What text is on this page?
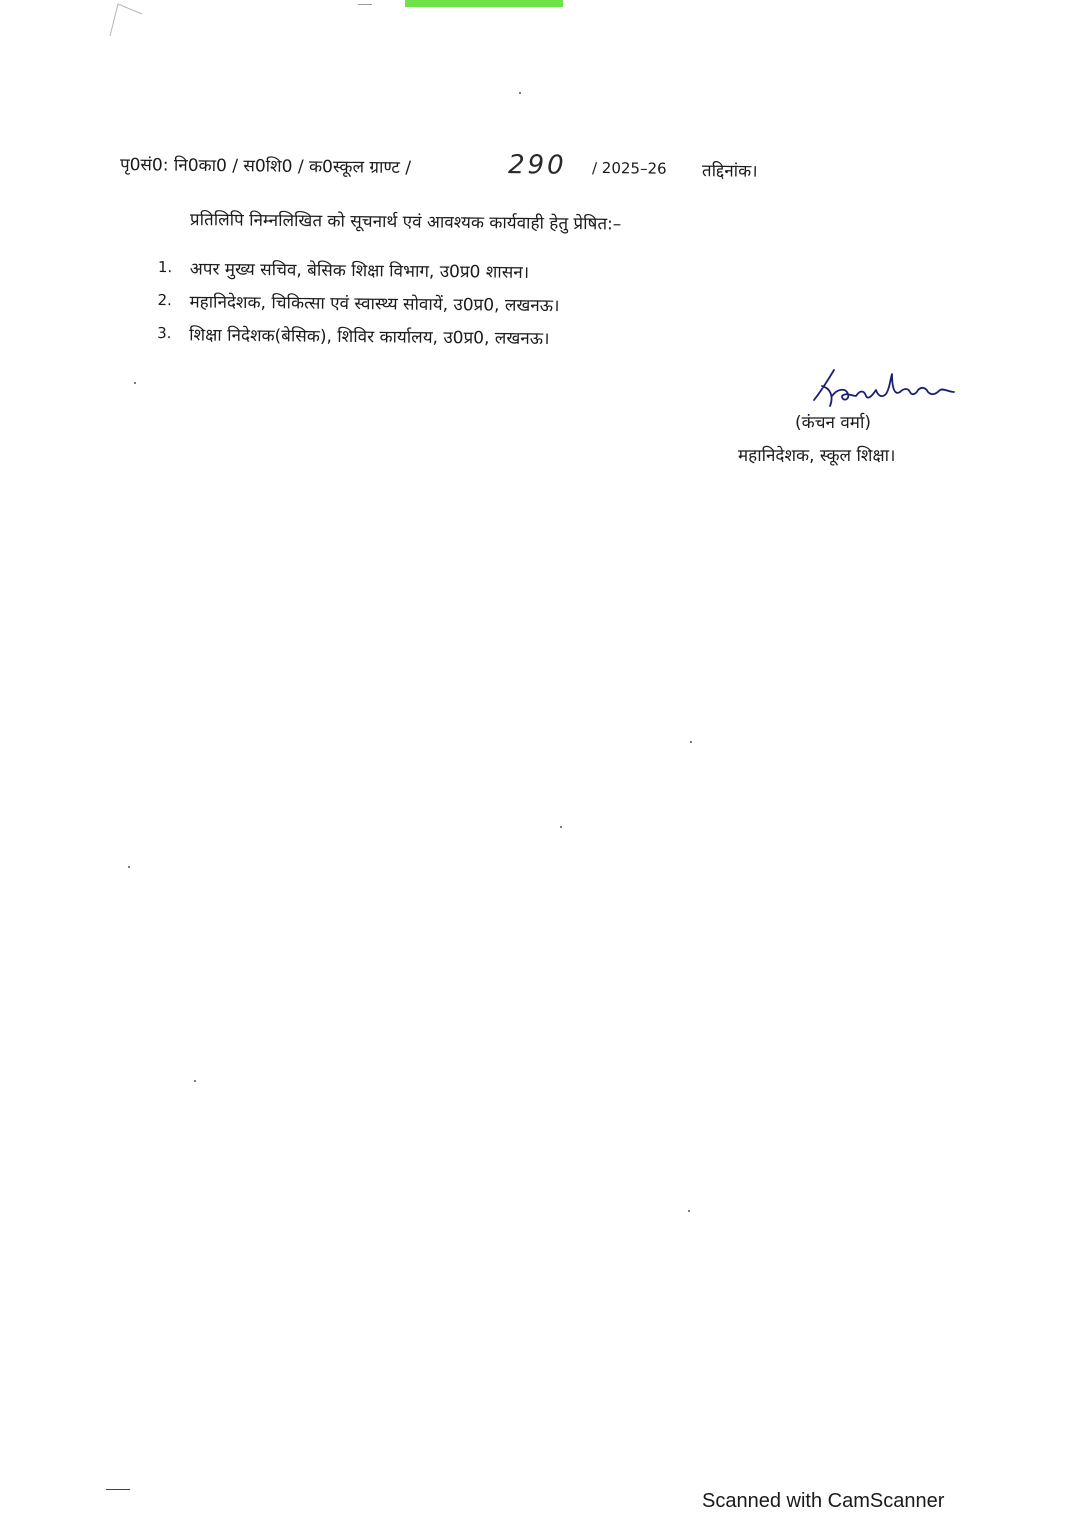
पृ0सं0: नि0का0 / स0शि0 / क0स्कूल ग्राण्ट /	290 / 2025–26 तद्दिनांक।
प्रतिलिपि निम्नलिखित को सूचनार्थ एवं आवश्यक कार्यवाही हेतु प्रेषित:–
1. अपर मुख्य सचिव, बेसिक शिक्षा विभाग, उ0प्र0 शासन।
2. महानिदेशक, चिकित्सा एवं स्वास्थ्य सोवायें, उ0प्र0, लखनऊ।
3. शिक्षा निदेशक(बेसिक), शिविर कार्यालय, उ0प्र0, लखनऊ।
(कंचन वर्मा)
महानिदेशक, स्कूल शिक्षा।
Scanned with CamScanner
